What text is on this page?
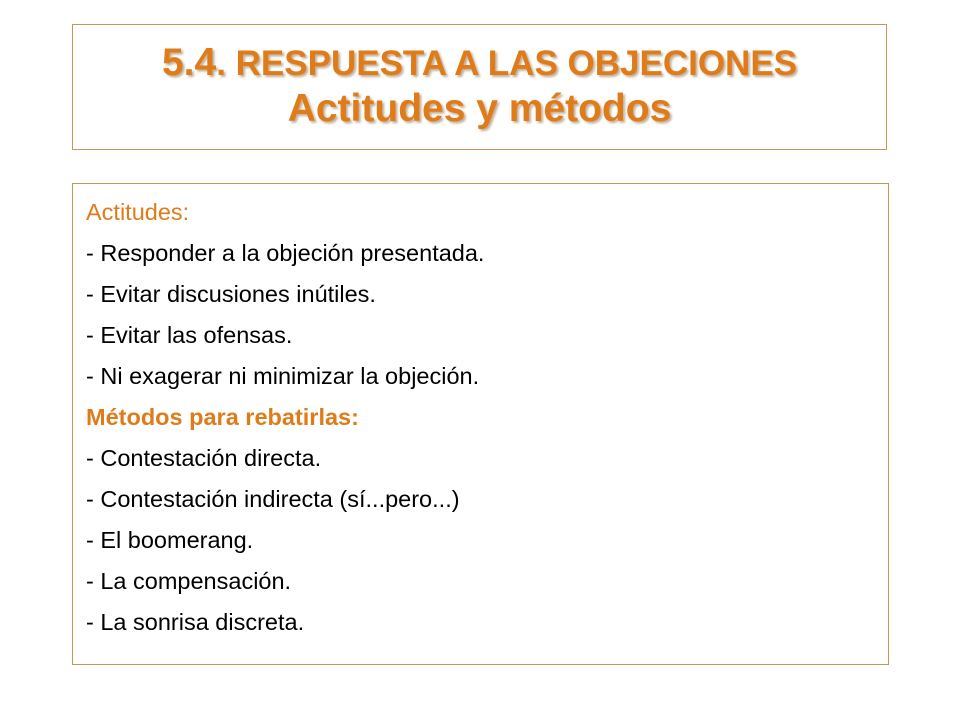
5.4. RESPUESTA A LAS OBJECIONES
Actitudes y métodos
Actitudes:
- Responder a la objeción presentada.
- Evitar discusiones inútiles.
- Evitar las ofensas.
- Ni exagerar ni minimizar la objeción.
Métodos para rebatirlas:
- Contestación directa.
- Contestación indirecta (sí...pero...)
- El boomerang.
- La compensación.
- La sonrisa discreta.
